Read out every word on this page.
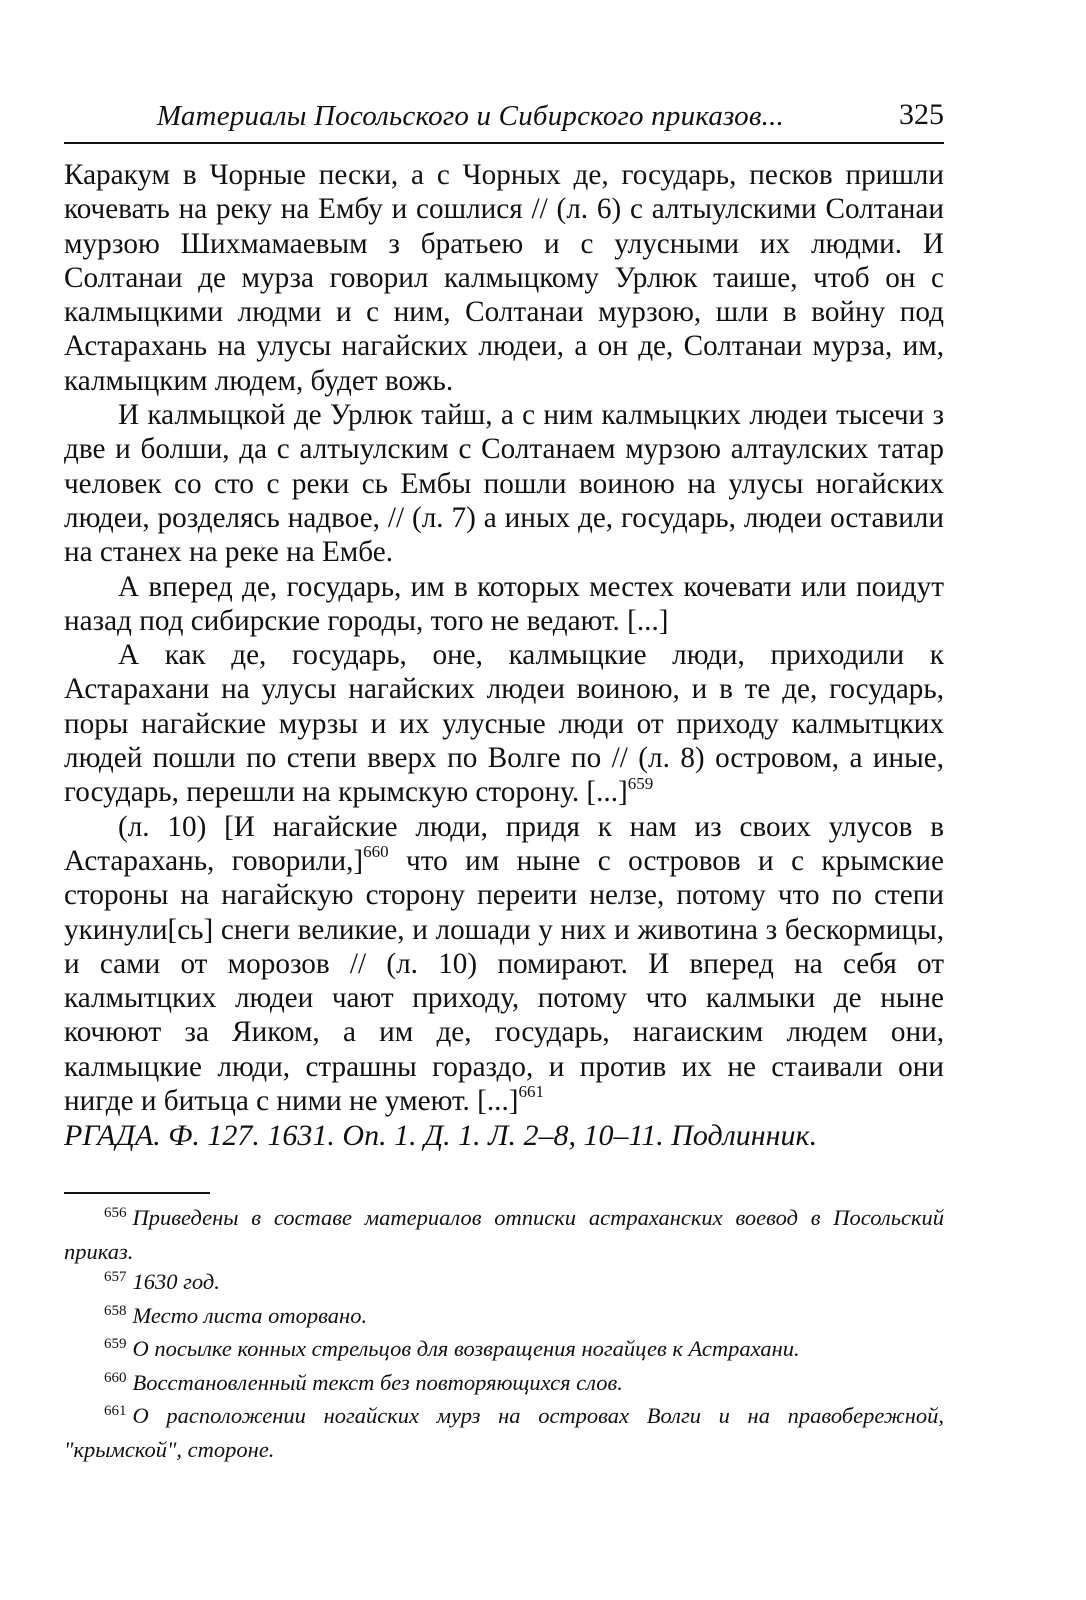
Материалы Посольского и Сибирского приказов...	325

Каракум в Чорные пески, а с Чорных де, государь, песков пришли кочевать на реку на Ембу и сошлися // (л. 6) с алтыулскими Солтанаи мурзою Шихмамаевым з братьею и с улусными их людми. И Солтанаи де мурза говорил калмыцкому Урлюк таише, чтоб он с калмыцкими людми и с ним, Солтанаи мурзою, шли в войну под Астарахань на улусы нагайских людеи, а он де, Солтанаи мурза, им, калмыцким людем, будет вожь.

И калмыцкой де Урлюк тайш, а с ним калмыцких людеи тысечи з две и болши, да с алтыулским с Солтанаем мурзою алтаулских татар человек со сто с реки сь Ембы пошли воиною на улусы ногайских людеи, розделясь надвое, // (л. 7) а иных де, государь, людеи оставили на станех на реке на Ембе.

А вперед де, государь, им в которых местех кочевати или поидут назад под сибирские городы, того не ведают. [...]

А как де, государь, оне, калмыцкие люди, приходили к Астарахани на улусы нагайских людеи воиною, и в те де, государь, поры нагайские мурзы и их улусные люди от приходу калмытцких людей пошли по степи вверх по Волге по // (л. 8) островом, а иные, государь, перешли на крымскую сторону. [...]$^{659}$

(л. 10) [И нагайские люди, придя к нам из своих улусов в Астарахань, говорили,]$^{660}$ что им ныне с островов и с крымские стороны на нагайскую сторону переити нелзе, потому что по степи укинули[сь] снеги великие, и лошади у них и животина з бескормицы, и сами от морозов // (л. 10) помирают. И вперед на себя от калмытцких людеи чают приходу, потому что калмыки де ныне кочюют за Яиком, а им де, государь, нагаиским людем они, калмыцкие люди, страшны гораздо, и против их не стаивали они нигде и битьца с ними не умеют. [...]$^{661}$

РГАДА. Ф. 127. 1631. Оп. 1. Д. 1. Л. 2–8, 10–11. Подлинник.

$^{656}$ Приведены в составе материалов отписки астраханских воевод в Посольский приказ.

$^{657}$ 1630 год.

$^{658}$ Место листа оторвано.

$^{659}$ О посылке конных стрельцов для возвращения ногайцев к Астрахани.

$^{660}$ Восстановленный текст без повторяющихся слов.

$^{661}$ О расположении ногайских мурз на островах Волги и на правобережной, "крымской", стороне.
